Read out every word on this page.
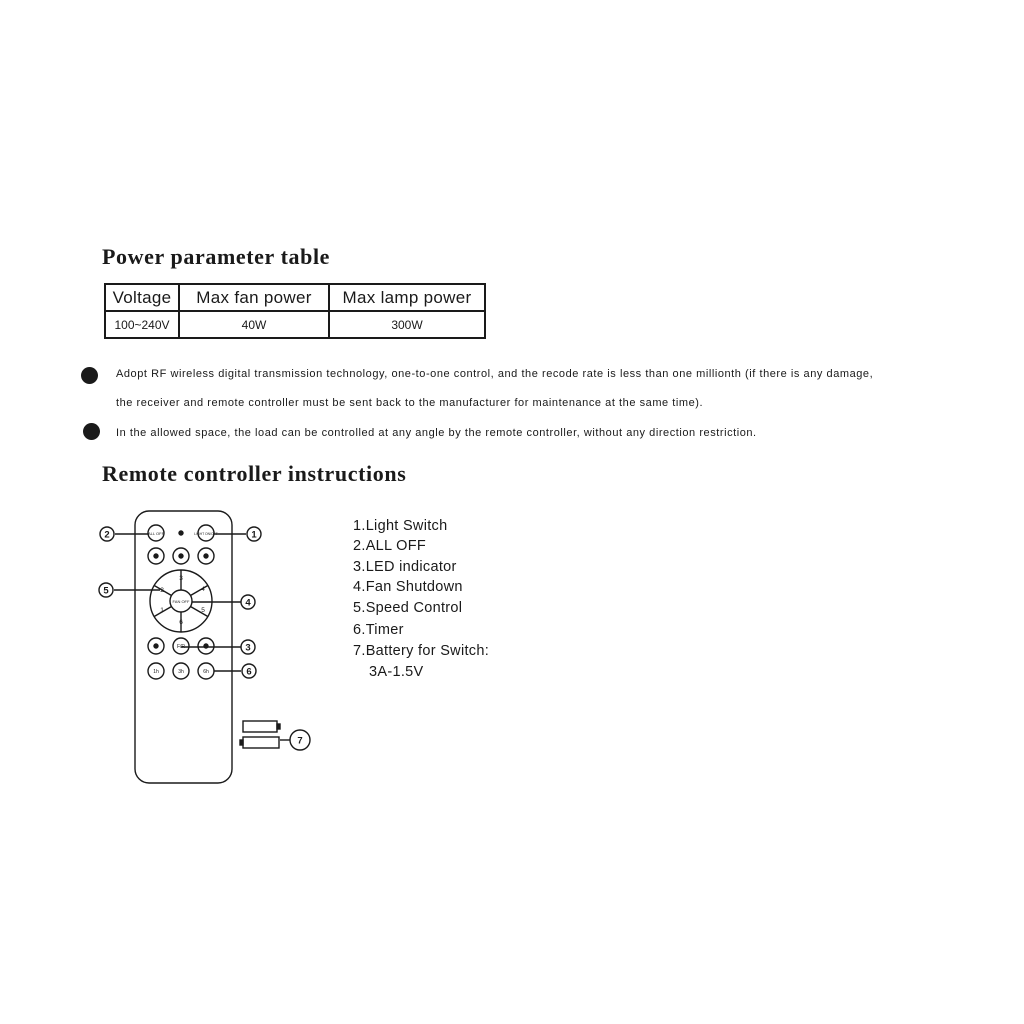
Power parameter table
Voltage	Max fan power	Max lamp power
100~240V	40W	300W
Adopt RF wireless digital transmission technology, one-to-one control, and the recode rate is less than one millionth (if there is any damage,
the receiver and remote controller must be sent back to the manufacturer for maintenance at the same time).
In the allowed space, the load can be controlled at any angle by the remote controller, without any direction restriction.
Remote controller instructions
ALL OFF	LIGHT ON/OFF
FAN OFF
3
4
5
6
1
2
F/R
1h	3h	6h
2	1
5
4
3
6
7
1.Light Switch
2.ALL OFF
3.LED indicator
4.Fan Shutdown
5.Speed Control
6.Timer
7.Battery for Switch:
3A-1.5V
